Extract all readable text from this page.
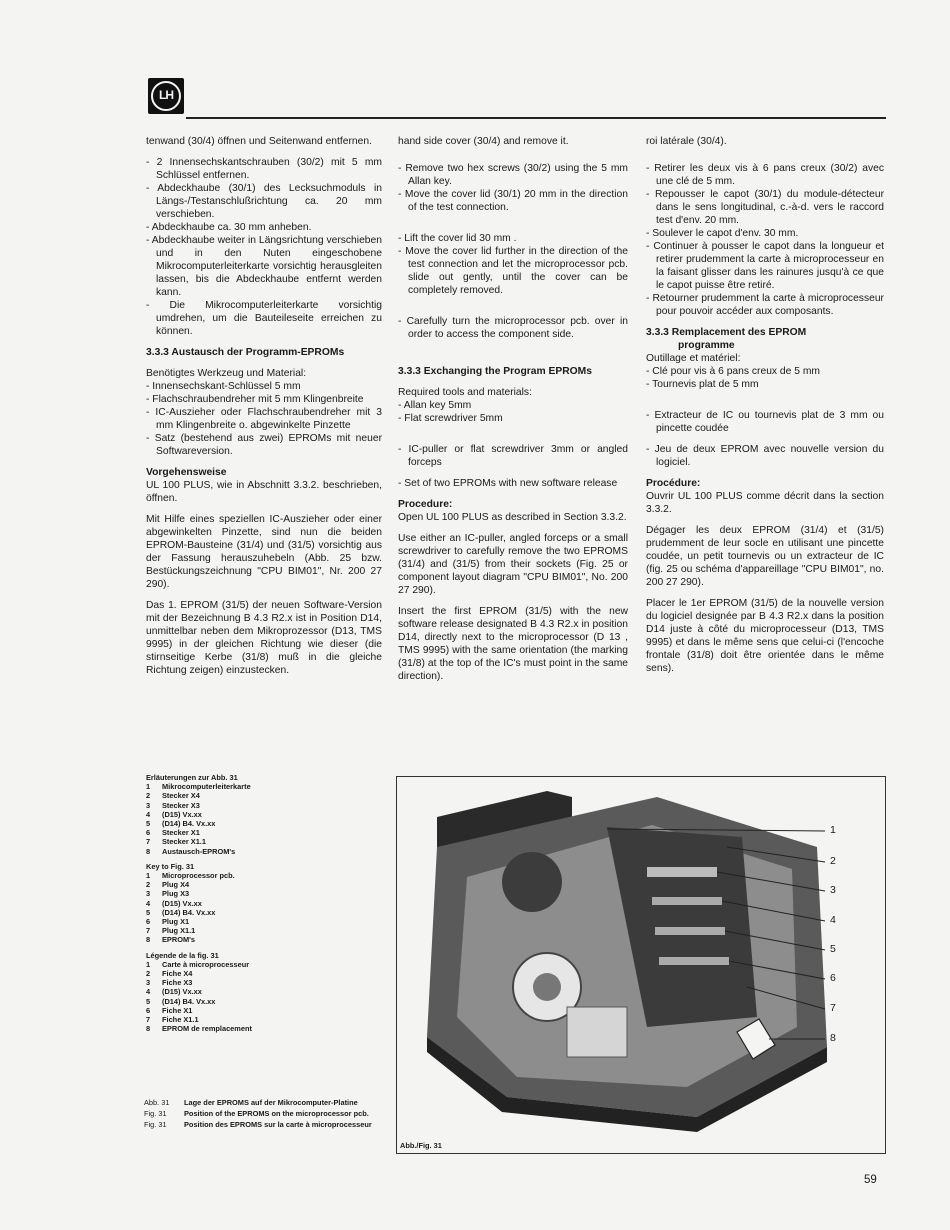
LH

tenwand (30/4) öffnen und Seitenwand entfernen.

- 2 Innensechskantschrauben (30/2) mit 5 mm Schlüssel entfernen.
- Abdeckhaube (30/1) des Lecksuchmoduls in Längs-/Testanschlußrichtung ca. 20 mm verschieben.
- Abdeckhaube ca. 30 mm anheben.
- Abdeckhaube weiter in Längsrichtung verschieben und in den Nuten eingeschobene Mikrocomputerleiterkarte vorsichtig herausgleiten lassen, bis die Abdeckhaube entfernt werden kann.
- Die Mikrocomputerleiterkarte vorsichtig umdrehen, um die Bauteileseite erreichen zu können.
3.3.3 Austausch der Programm-EPROMs

Benötigtes Werkzeug und Material:

- Innensechskant-Schlüssel 5 mm
- Flachschraubendreher mit 5 mm Klingenbreite
- IC-Auszieher oder Flachschraubendreher mit 3 mm Klingenbreite o. abgewinkelte Pinzette
- Satz (bestehend aus zwei) EPROMs mit neuer Softwareversion.
Vorgehensweise

UL 100 PLUS, wie in Abschnitt 3.3.2. beschrieben, öffnen.

Mit Hilfe eines speziellen IC-Auszieher oder einer abgewinkelten Pinzette, sind nun die beiden EPROM-Bausteine (31/4) und (31/5) vorsichtig aus der Fassung herauszuhebeln (Abb. 25 bzw. Bestückungszeichnung "CPU BIM01", Nr. 200 27 290).

Das 1. EPROM (31/5) der neuen Software-Version mit der Bezeichnung B 4.3 R2.x ist in Position D14, unmittelbar neben dem Mikroprozessor (D13, TMS 9995) in der gleichen Richtung wie dieser (die stirnseitige Kerbe (31/8) muß in die gleiche Richtung zeigen) einzustecken.

hand side cover (30/4) and remove it.

- Remove two hex screws (30/2) using the 5 mm Allan key.
- Move the cover lid (30/1) 20 mm in the direction of the test connection.
- Lift the cover lid 30 mm .
- Move the cover lid further in the direction of the test connection and let the microprocessor pcb. slide out gently, until the cover can be completely removed.
- Carefully turn the microprocessor pcb. over in order to access the component side.
3.3.3 Exchanging the Program EPROMs

Required tools and materials:

- Allan key 5mm
- Flat screwdriver 5mm
- IC-puller or flat screwdriver 3mm or angled forceps
- Set of two EPROMs with new software release
Procedure:

Open UL 100 PLUS as described in Section 3.3.2.

Use either an IC-puller, angled forceps or a small screwdriver to carefully remove the two EPROMS (31/4) and (31/5) from their sockets (Fig. 25 or component layout diagram "CPU BIM01", No. 200 27 290).

Insert the first EPROM (31/5) with the new software release designated B 4.3 R2.x in position D14, directly next to the microprocessor (D 13 , TMS 9995) with the same orientation (the marking (31/8) at the top of the IC's must point in the same direction).

roi latérale (30/4).

- Retirer les deux vis à 6 pans creux (30/2) avec une clé de 5 mm.
- Repousser le capot (30/1) du module-détecteur dans le sens longitudinal, c.-à-d. vers le raccord test d'env. 20 mm.
- Soulever le capot d'env. 30 mm.
- Continuer à pousser le capot dans la longueur et retirer prudemment la carte à microprocesseur en la faisant glisser dans les rainures jusqu'à ce que le capot puisse être retiré.
- Retourner prudemment la carte à microprocesseur pour pouvoir accéder aux composants.
3.3.3 Remplacement des EPROM
programme

Outillage et matériel:

- Clé pour vis à 6 pans creux de 5 mm
- Tournevis plat de 5 mm
- Extracteur de IC ou tournevis plat de 3 mm ou pincette coudée
- Jeu de deux EPROM avec nouvelle version du logiciel.
Procédure:

Ouvrir UL 100 PLUS comme décrit dans la section 3.3.2.

Dégager les deux EPROM (31/4) et (31/5) prudemment de leur socle en utilisant une pincette coudée, un petit tournevis ou un extracteur de IC (fig. 25 ou schéma d'appareillage "CPU BIM01", no. 200 27 290).

Placer le 1er EPROM (31/5) de la nouvelle version du logiciel designée par B 4.3 R2.x dans la position D14 juste à côté du microprocesseur (D13, TMS 9995) et dans le même sens que celui-ci (l'encoche frontale (31/8) doit être orientée dans le même sens).

Erläuterungen zur Abb. 31
1	Mikrocomputerleiterkarte
2	Stecker X4
3	Stecker X3
4	(D15) Vx.xx
5	(D14) B4. Vx.xx
6	Stecker X1
7	Stecker X1.1
8	Austausch-EPROM's
Key to Fig. 31
1	Microprocessor pcb.
2	Plug X4
3	Plug X3
4	(D15) Vx.xx
5	(D14) B4. Vx.xx
6	Plug X1
7	Plug X1.1
8	EPROM's
Légende de la fig. 31
1	Carte à microprocesseur
2	Fiche X4
3	Fiche X3
4	(D15) Vx.xx
5	(D14) B4. Vx.xx
6	Fiche X1
7	Fiche X1.1
8	EPROM de remplacement
Abb. 31	Lage der EPROMS auf der Mikrocomputer-Platine
Fig. 31	Position of the EPROMS on the microprocessor pcb.
Fig. 31	Position des EPROMS sur la carte à microprocesseur
1
2
3
4
5
6
7
8
Abb./Fig. 31
59
